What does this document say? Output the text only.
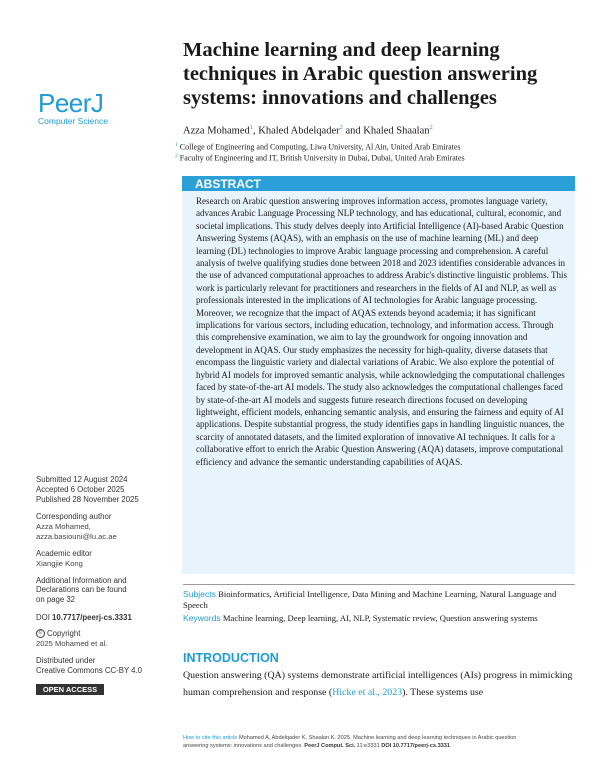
PeerJ
Computer Science
Machine learning and deep learning techniques in Arabic question answering systems: innovations and challenges

Azza Mohamed$^1$, Khaled Abdelqader$^2$ and Khaled Shaalan$^2$

$^1$ College of Engineering and Computing, Liwa University, Al Ain, United Arab Emirates

$^2$ Faculty of Engineering and IT, British University in Dubai, Dubai, United Arab Emirates

ABSTRACT

Research on Arabic question answering improves information access, promotes language variety, advances Arabic Language Processing NLP technology, and has educational, cultural, economic, and societal implications. This study delves deeply into Artificial Intelligence (AI)-based Arabic Question Answering Systems (AQAS), with an emphasis on the use of machine learning (ML) and deep learning (DL) technologies to improve Arabic language processing and comprehension. A careful analysis of twelve qualifying studies done between 2018 and 2023 identifies considerable advances in the use of advanced computational approaches to address Arabic's distinctive linguistic problems. This work is particularly relevant for practitioners and researchers in the fields of AI and NLP, as well as professionals interested in the implications of AI technologies for Arabic language processing. Moreover, we recognize that the impact of AQAS extends beyond academia; it has significant implications for various sectors, including education, technology, and information access. Through this comprehensive examination, we aim to lay the groundwork for ongoing innovation and development in AQAS. Our study emphasizes the necessity for high-quality, diverse datasets that encompass the linguistic variety and dialectal variations of Arabic. We also explore the potential of hybrid AI models for improved semantic analysis, while acknowledging the computational challenges faced by state-of-the-art AI models. The study also acknowledges the computational challenges faced by state-of-the-art AI models and suggests future research directions focused on developing lightweight, efficient models, enhancing semantic analysis, and ensuring the fairness and equity of AI applications. Despite substantial progress, the study identifies gaps in handling linguistic nuances, the scarcity of annotated datasets, and the limited exploration of innovative AI techniques. It calls for a collaborative effort to enrich the Arabic Question Answering (AQA) datasets, improve computational efficiency and advance the semantic understanding capabilities of AQAS.

Subjects Bioinformatics, Artificial Intelligence, Data Mining and Machine Learning, Natural Language and Speech

Keywords Machine learning, Deep learning, AI, NLP, Systematic review, Question answering systems

INTRODUCTION

Question answering (QA) systems demonstrate artificial intelligences (AIs) progress in mimicking human comprehension and response (Hicke et al., 2023). These systems use

Submitted 12 August 2024

Accepted 6 October 2025

Published 28 November 2025

Corresponding author

Azza Mohamed,

azza.basiouni@lu.ac.ae

Academic editor

Xiangjie Kong

Additional Information and Declarations can be found on page 32

DOI 10.7717/peerj-cs.3331

© Copyright

2025 Mohamed et al.

Distributed under

Creative Commons CC-BY 4.0

OPEN ACCESS

How to cite this article Mohamed A, Abdelqader K, Shaalan K. 2025. Machine learning and deep learning techniques in Arabic question
answering systems: innovations and challenges. PeerJ Comput. Sci. 11:e3331 DOI 10.7717/peerj-cs.3331
